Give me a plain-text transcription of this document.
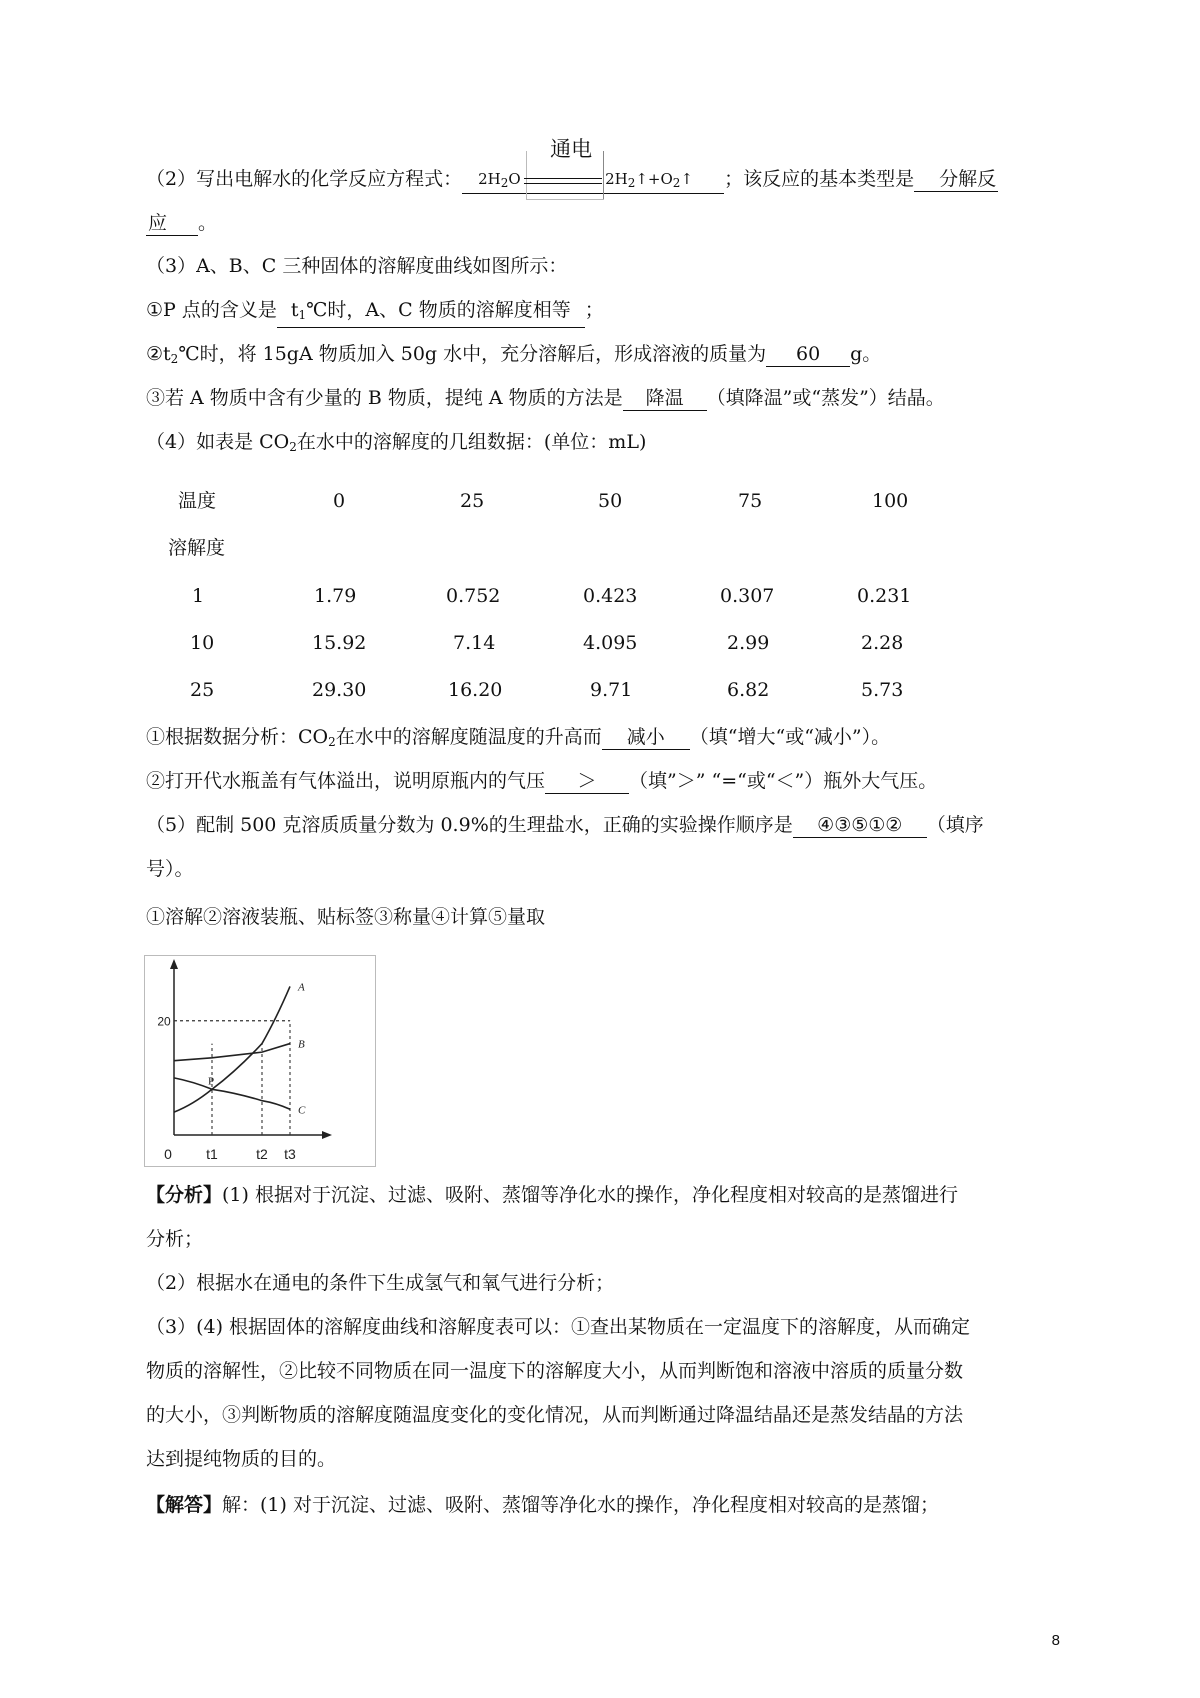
（2）写出电解水的化学反应方程式： $2H_2O$
通电
$2H_2↑+O_2↑$ ；该反应的基本类型是 分解反
应 。
（3）A、B、C 三种固体的溶解度曲线如图所示：
①P 点的含义是 $t_1℃$时，A、C 物质的溶解度相等 ；
$②t_2℃$时，将 15gA 物质加入 50g 水中，充分溶解后，形成溶液的质量为 60 g。
③若 A 物质中含有少量的 B 物质，提纯 A 物质的方法是 降温 （填降温”或“蒸发”）结晶。
（4）如表是 $CO_2$在水中的溶解度的几组数据：(单位：mL)
温度	0	25	50	75	100
溶解度
1	1.79	0.752	0.423	0.307	0.231
10	15.92	7.14	4.095	2.99	2.28
25	29.30	16.20	9.71	6.82	5.73
①根据数据分析：$CO_2$在水中的溶解度随温度的升高而 减小 （填“增大“或“减小”）。
②打开代水瓶盖有气体溢出，说明原瓶内的气压 ＞ （填”＞” “=“或“＜”）瓶外大气压。
（5）配制 500 克溶质质量分数为 0.9%的生理盐水，正确的实验操作顺序是 ④③⑤①② （填序
号）。
①溶解②溶液装瓶、贴标签③称量④计算⑤量取
20
0 t1	t2 t3
A
B
C
P
【分析】(1) 根据对于沉淀、过滤、吸附、蒸馏等净化水的操作，净化程度相对较高的是蒸馏进行
分析；
（2）根据水在通电的条件下生成氢气和氧气进行分析；
（3）(4) 根据固体的溶解度曲线和溶解度表可以：①查出某物质在一定温度下的溶解度，从而确定
物质的溶解性，②比较不同物质在同一温度下的溶解度大小，从而判断饱和溶液中溶质的质量分数
的大小，③判断物质的溶解度随温度变化的变化情况，从而判断通过降温结晶还是蒸发结晶的方法
达到提纯物质的目的。
【解答】解：(1) 对于沉淀、过滤、吸附、蒸馏等净化水的操作，净化程度相对较高的是蒸馏；
8
